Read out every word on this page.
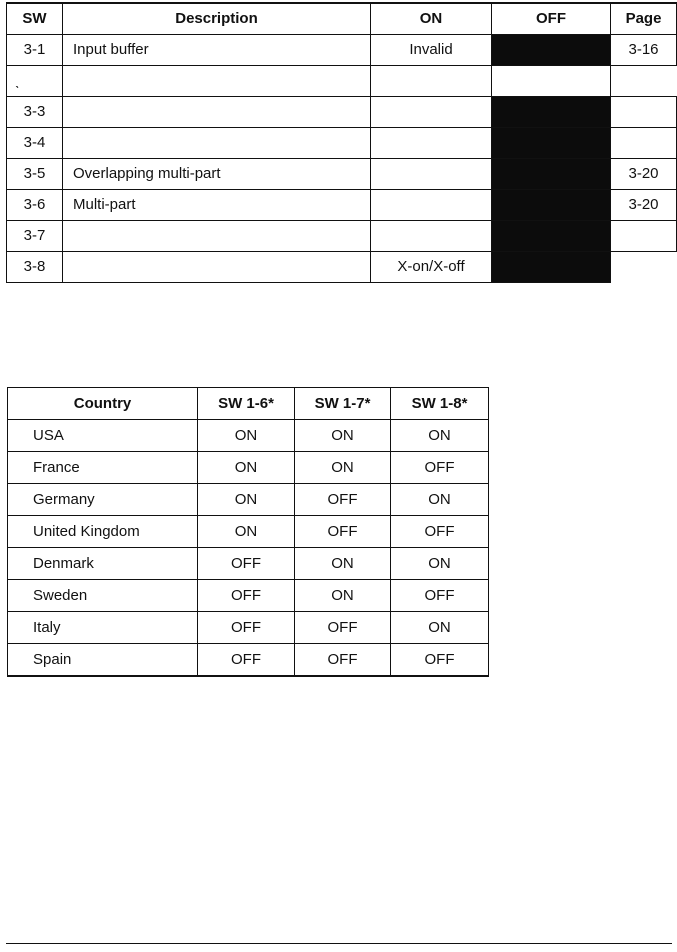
SW	Description	ON	OFF	Page
3-1	Input buffer	Invalid		3-16
ˎ				
3-3				
3-4				
3-5	Overlapping multi-part			3-20
3-6	Multi-part			3-20
3-7				
3-8		X-on/X-off		
Country	SW 1-6*	SW 1-7*	SW 1-8*
USA	ON	ON	ON
France	ON	ON	OFF
Germany	ON	OFF	ON
United Kingdom	ON	OFF	OFF
Denmark	OFF	ON	ON
Sweden	OFF	ON	OFF
Italy	OFF	OFF	ON
Spain	OFF	OFF	OFF
